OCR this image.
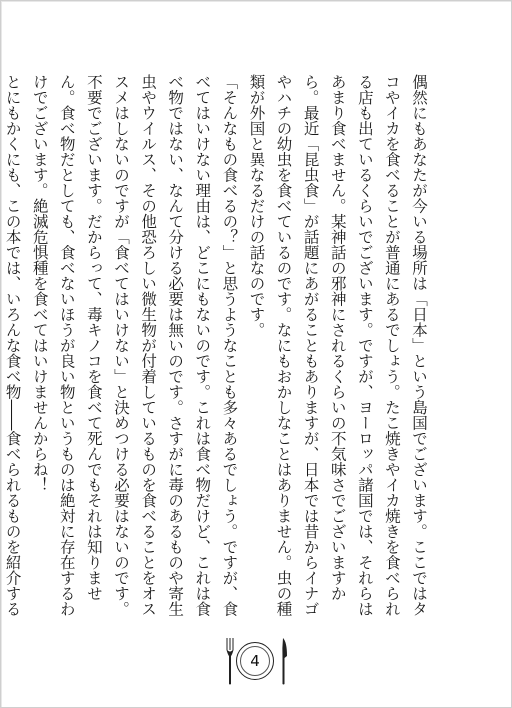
偶然にもあなたが今いる場所は「日本」という島国でございます。ここではタコやイカを食べることが普通にあるでしょう。たこ焼きやイカ焼きを食べられる店も出ているくらいでございます。ですが、ヨーロッパ諸国では、それらはあまり食べません。某神話の邪神にされるくらいの不気味さでございますから。最近「昆虫食」が話題にあがることもありますが、日本では昔からイナゴやハチの幼虫を食べているのです。なにもおかしなことはありません。虫の種類が外国と異なるだけの話なのです。

「そんなもの食べるの？」と思うようなことも多々あるでしょう。ですが、食べてはいけない理由は、どこにもないのです。これは食べ物だけど、これは食べ物ではない、なんて分ける必要は無いのです。さすがに毒のあるものや寄生虫やウイルス、その他恐ろしい微生物が付着しているものを食べることをオススメはしないのですが「食べてはいけない」と決めつける必要はないのです。不要でございます。だからって、毒キノコを食べて死んでもそれは知りません。食べ物だとしても、食べないほうが良い物というものは絶対に存在するわけでございます。絶滅危惧種を食べてはいけませんからね！

とにもかくにも、この本では、いろんな食べ物――食べられるものを紹介する

4
